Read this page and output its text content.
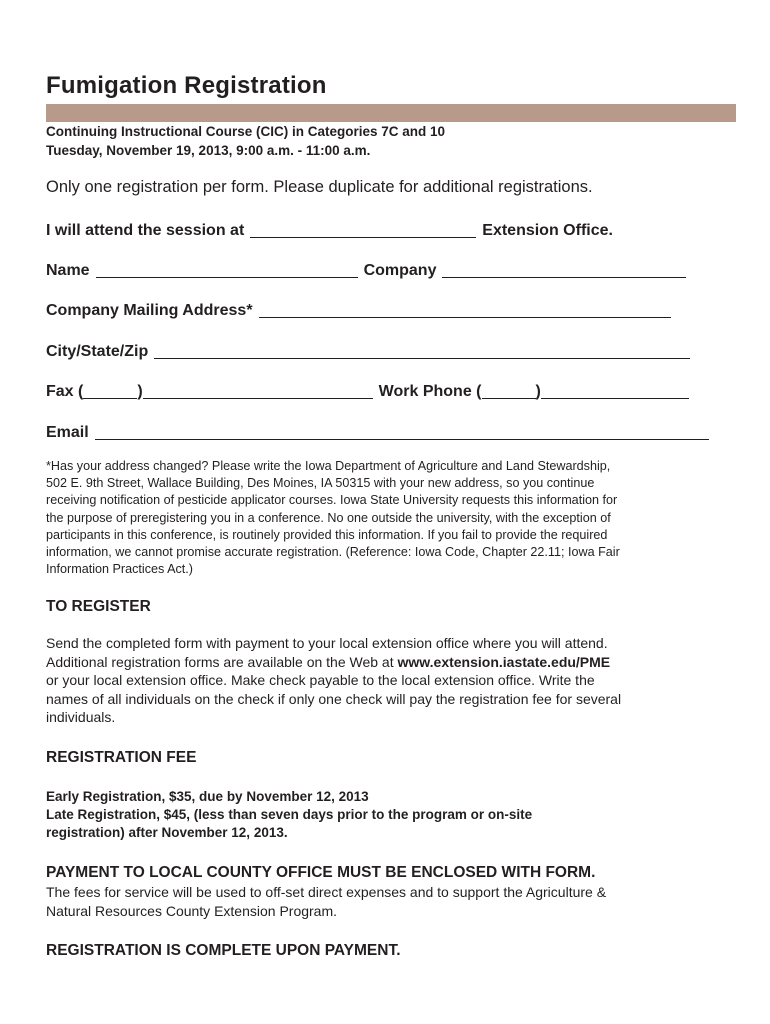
Fumigation Registration
Continuing Instructional Course (CIC) in Categories 7C and 10
Tuesday, November 19, 2013, 9:00 a.m. - 11:00 a.m.
Only one registration per form. Please duplicate for additional registrations.
I will attend the session at	Extension Office.
Name	Company
Company Mailing Address*
City/State/Zip
Fax (	)	Work Phone (	)
Email
*Has your address changed? Please write the Iowa Department of Agriculture and Land Stewardship,
502 E. 9th Street, Wallace Building, Des Moines, IA 50315 with your new address, so you continue
receiving notification of pesticide applicator courses. Iowa State University requests this information for
the purpose of preregistering you in a conference. No one outside the university, with the exception of
participants in this conference, is routinely provided this information. If you fail to provide the required
information, we cannot promise accurate registration. (Reference: Iowa Code, Chapter 22.11; Iowa Fair
Information Practices Act.)
TO REGISTER
Send the completed form with payment to your local extension office where you will attend.
Additional registration forms are available on the Web at www.extension.iastate.edu/PME
or your local extension office. Make check payable to the local extension office. Write the
names of all individuals on the check if only one check will pay the registration fee for several
individuals.
REGISTRATION FEE
Early Registration, $35, due by November 12, 2013
Late Registration, $45, (less than seven days prior to the program or on-site
registration) after November 12, 2013.
PAYMENT TO LOCAL COUNTY OFFICE MUST BE ENCLOSED WITH FORM.
The fees for service will be used to off-set direct expenses and to support the Agriculture &
Natural Resources County Extension Program.
REGISTRATION IS COMPLETE UPON PAYMENT.
